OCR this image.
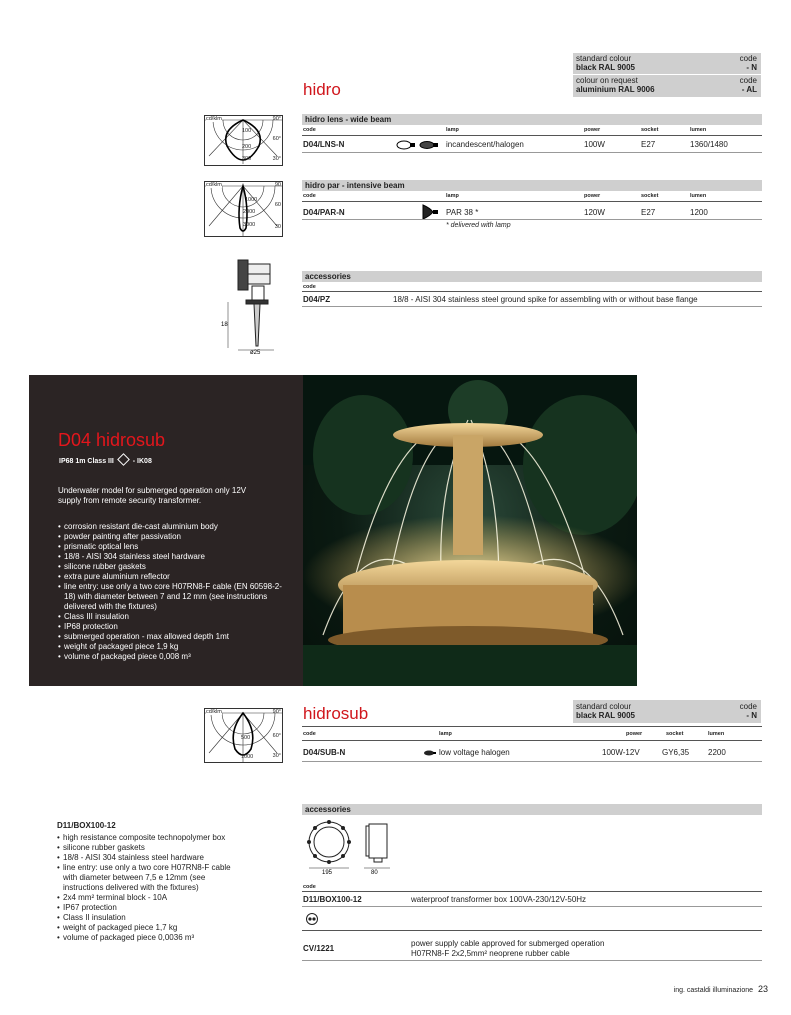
hidro
standard colour
black RAL 9005
code
- N
colour on request
aluminium RAL 9006
code
- AL
cd/klm	90°
60°
30°
100
200
300
hidro lens - wide beam
code	lamp	power	socket	lumen
D04/LNS-N	incandescent/halogen	100W	E27	1360/1480
cd/klm	90
60
30
1000
2000
3000
hidro par - intensive beam
code	lamp	power	socket	lumen
D04/PAR-N	PAR 38 *	120W	E27	1200
* delivered with lamp
18
ø25
accessories
code
D04/PZ	18/8 - AISI 304 stainless steel ground spike for assembling with or without base flange
D04 hidrosub
IP68 1m Class III	- IK08
Underwater model for submerged operation only 12V supply from remote security transformer.
• corrosion resistant die-cast aluminium body
• powder painting after passivation
• prismatic optical lens
• 18/8 - AISI 304 stainless steel hardware
• silicone rubber gaskets
• extra pure aluminium reflector
• line entry: use only a two core H07RN8-F cable (EN 60598-2-18) with diameter between 7 and 12 mm (see instructions delivered with the fixtures)
• Class III insulation
• IP68 protection
• submerged operation - max allowed depth 1mt
• weight of packaged piece 1,9 kg
• volume of packaged piece 0,008 m³
cd/klm	90°
60°
30°
500
1000
hidrosub	standard colour
black RAL 9005
code
- N
code	lamp	power	socket	lumen
D04/SUB-N	low voltage halogen	100W-12V	GY6,35 2200
D11/BOX100-12
• high resistance composite technopolymer box
• silicone rubber gaskets
• 18/8 - AISI 304 stainless steel hardware
• line entry: use only a two core H07RN8-F cable with diameter between 7,5 e 12mm (see instructions delivered with the fixtures)
• 2x4 mm² terminal block - 10A
• IP67 protection
• Class II insulation
• weight of packaged piece 1,7 kg
• volume of packaged piece 0,0036 m³
accessories
195	80
code
D11/BOX100-12	waterproof transformer box 100VA-230/12V-50Hz
CV/1221
power supply cable approved for submerged operation
H07RN8-F 2x2,5mm² neoprene rubber cable
ing. castaldi illuminazione 23
